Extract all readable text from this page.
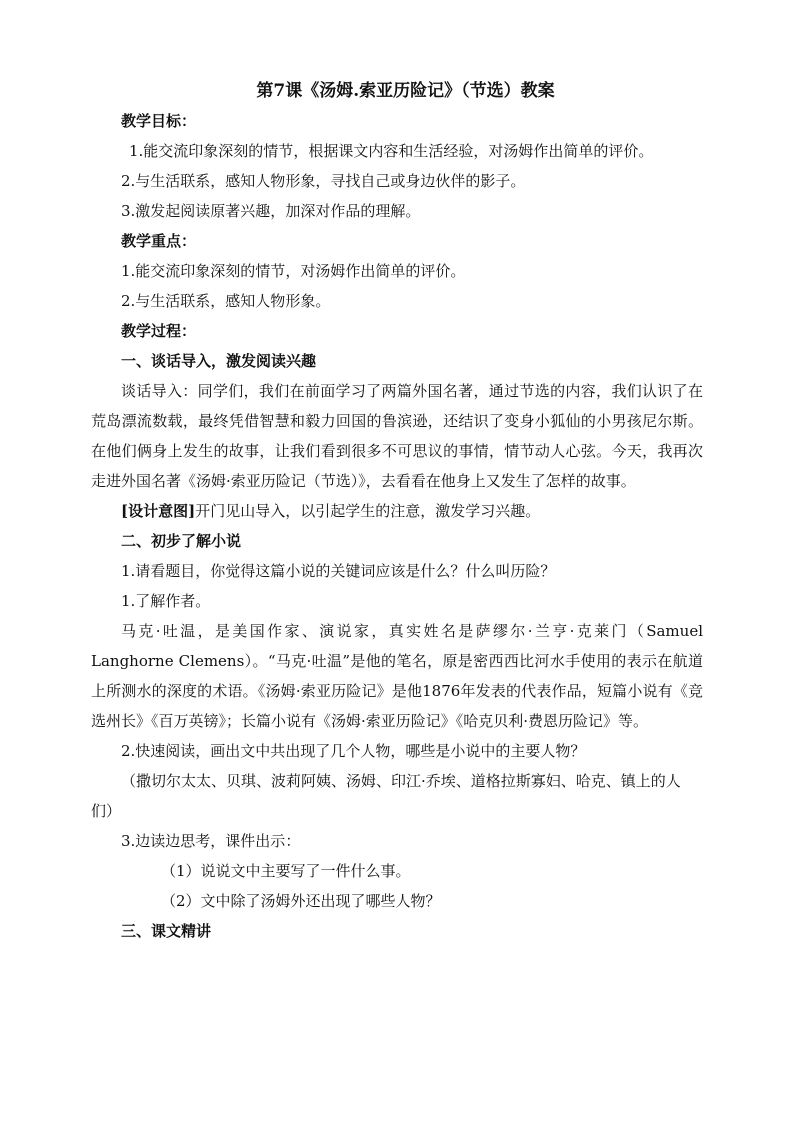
第7课《汤姆.索亚历险记》（节选）教案
教学目标：
1.能交流印象深刻的情节，根据课文内容和生活经验，对汤姆作出简单的评价。
2.与生活联系，感知人物形象，寻找自己或身边伙伴的影子。
3.激发起阅读原著兴趣，加深对作品的理解。
教学重点：
1.能交流印象深刻的情节，对汤姆作出简单的评价。
2.与生活联系，感知人物形象。
教学过程：
一、谈话导入，激发阅读兴趣
谈话导入：同学们，我们在前面学习了两篇外国名著，通过节选的内容，我们认识了在荒岛漂流数载，最终凭借智慧和毅力回国的鲁滨逊，还结识了变身小狐仙的小男孩尼尔斯。在他们俩身上发生的故事，让我们看到很多不可思议的事情，情节动人心弦。今天，我再次走进外国名著《汤姆·索亚历险记（节选）》，去看看在他身上又发生了怎样的故事。
[设计意图]开门见山导入，以引起学生的注意，激发学习兴趣。
二、初步了解小说
1.请看题目，你觉得这篇小说的关键词应该是什么？什么叫历险？
1.了解作者。
马克·吐温，是美国作家、演说家，真实姓名是萨缪尔·兰亨·克莱门（Samuel Langhorne Clemens）。“马克·吐温”是他的笔名，原是密西西比河水手使用的表示在航道上所测水的深度的术语。《汤姆·索亚历险记》是他1876年发表的代表作品，短篇小说有《竞选州长》《百万英镑》；长篇小说有《汤姆·索亚历险记》《哈克贝利·费恩历险记》等。
2.快速阅读，画出文中共出现了几个人物，哪些是小说中的主要人物？
（撒切尔太太、贝琪、波莉阿姨、汤姆、印江·乔埃、道格拉斯寡妇、哈克、镇上的人们）
3.边读边思考，课件出示：
（1）说说文中主要写了一件什么事。
（2）文中除了汤姆外还出现了哪些人物？
三、课文精讲
